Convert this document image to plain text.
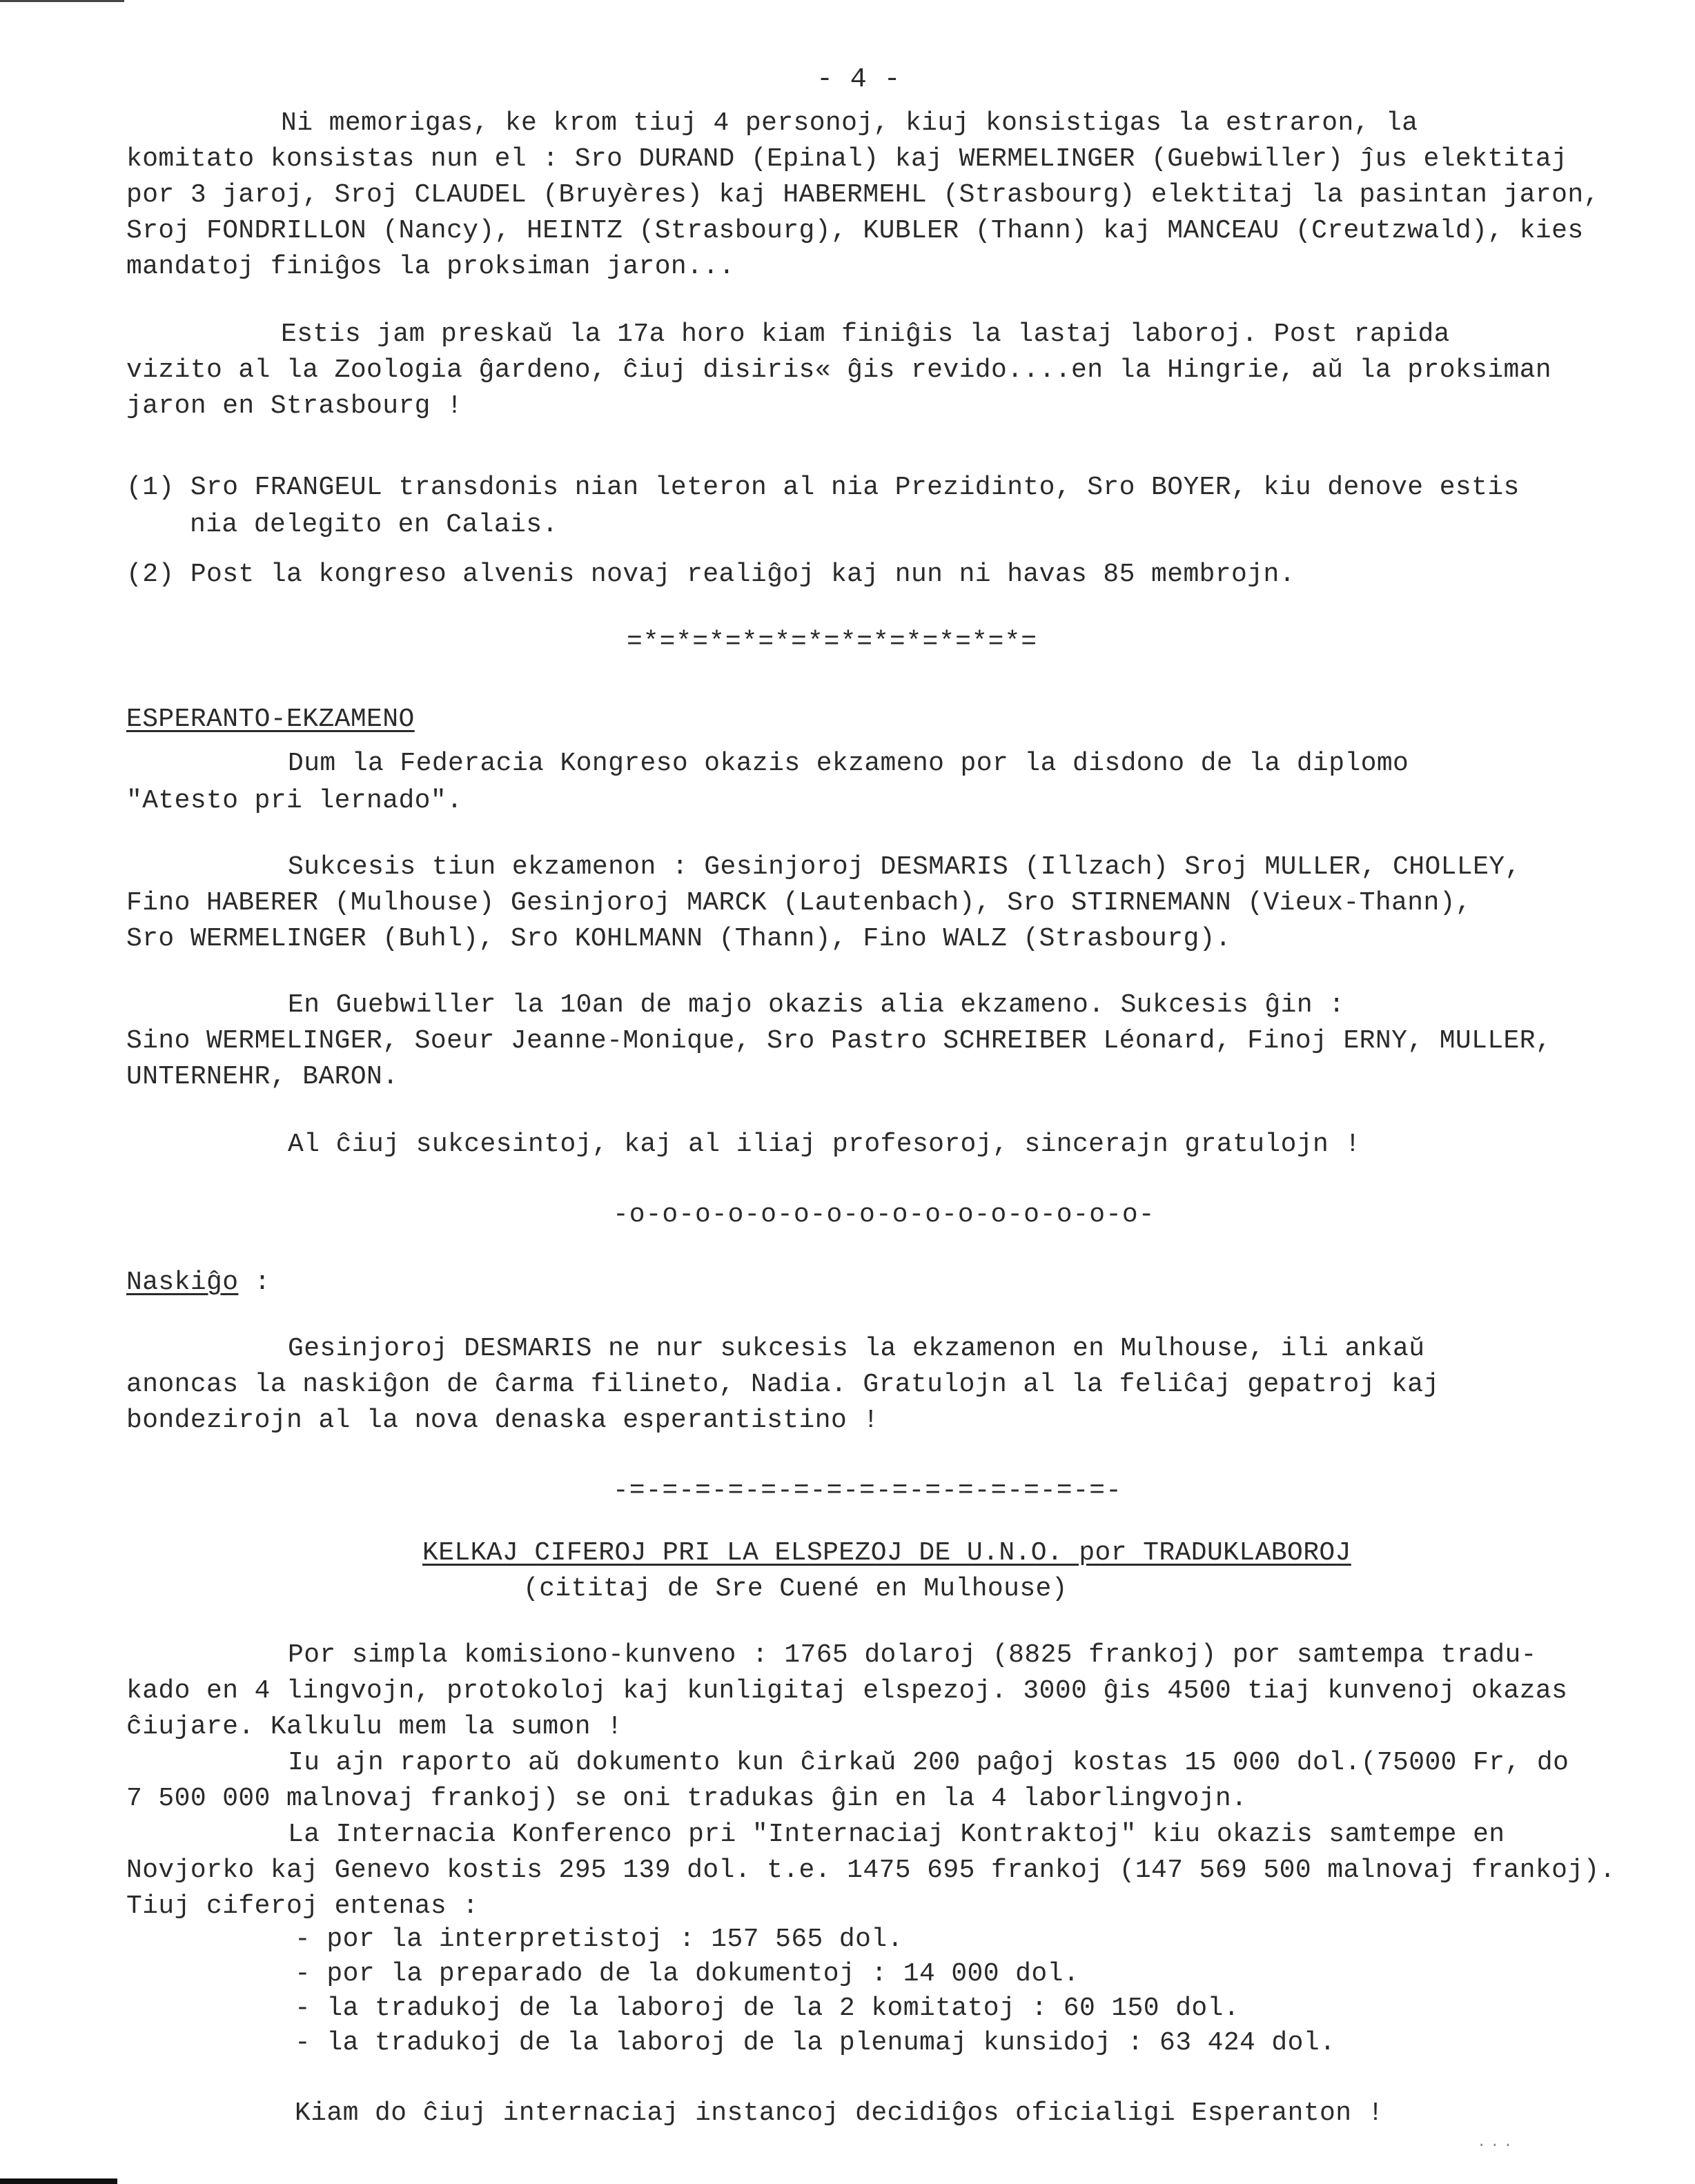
- 4 -
Ni memorigas, ke krom tiuj 4 personoj, kiuj konsistigas la estraron, la
komitato konsistas nun el : Sro DURAND (Epinal) kaj WERMELINGER (Guebwiller) ĵus elektitaj
por 3 jaroj, Sroj CLAUDEL (Bruyères) kaj HABERMEHL (Strasbourg) elektitaj la pasintan jaron,
Sroj FONDRILLON (Nancy), HEINTZ (Strasbourg), KUBLER (Thann) kaj MANCEAU (Creutzwald), kies
mandatoj finiĝos la proksiman jaron...
Estis jam preskaŭ la 17a horo kiam finiĝis la lastaj laboroj. Post rapida
vizito al la Zoologia ĝardeno, ĉiuj disiris« ĝis revido....en la Hingrie, aŭ la proksiman
jaron en Strasbourg !
(1) Sro FRANGEUL transdonis nian leteron al nia Prezidinto, Sro BOYER, kiu denove estis
nia delegito en Calais.
(2) Post la kongreso alvenis novaj realiĝoj kaj nun ni havas 85 membrojn.
=*=*=*=*=*=*=*=*=*=*=*=*=
ESPERANTO-EKZAMENO
Dum la Federacia Kongreso okazis ekzameno por la disdono de la diplomo
"Atesto pri lernado".
Sukcesis tiun ekzamenon : Gesinjoroj DESMARIS (Illzach) Sroj MULLER, CHOLLEY,
Fino HABERER (Mulhouse) Gesinjoroj MARCK (Lautenbach), Sro STIRNEMANN (Vieux-Thann),
Sro WERMELINGER (Buhl), Sro KOHLMANN (Thann), Fino WALZ (Strasbourg).
En Guebwiller la 10an de majo okazis alia ekzameno. Sukcesis ĝin :
Sino WERMELINGER, Soeur Jeanne-Monique, Sro Pastro SCHREIBER Léonard, Finoj ERNY, MULLER,
UNTERNEHR, BARON.
Al ĉiuj sukcesintoj, kaj al iliaj profesoroj, sincerajn gratulojn !
-o-o-o-o-o-o-o-o-o-o-o-o-o-o-o-o-
Naskiĝo :
Gesinjoroj DESMARIS ne nur sukcesis la ekzamenon en Mulhouse, ili ankaŭ
anoncas la naskiĝon de ĉarma filineto, Nadia. Gratulojn al la feliĉaj gepatroj kaj
bondezirojn al la nova denaska esperantistino !
-=-=-=-=-=-=-=-=-=-=-=-=-=-=-=-
KELKAJ CIFEROJ PRI LA ELSPEZOJ DE U.N.O. por TRADUKLABOROJ
(cititaj de Sre Cuené en Mulhouse)
Por simpla komisiono-kunveno : 1765 dolaroj (8825 frankoj) por samtempa tradu-
kado en 4 lingvojn, protokoloj kaj kunligitaj elspezoj. 3000 ĝis 4500 tiaj kunvenoj okazas
ĉiujare. Kalkulu mem la sumon !
Iu ajn raporto aŭ dokumento kun ĉirkaŭ 200 paĝoj kostas 15 000 dol.(75000 Fr, do
7 500 000 malnovaj frankoj) se oni tradukas ĝin en la 4 laborlingvojn.
La Internacia Konferenco pri "Internaciaj Kontraktoj" kiu okazis samtempe en
Novjorko kaj Genevo kostis 295 139 dol. t.e. 1475 695 frankoj (147 569 500 malnovaj frankoj).
Tiuj ciferoj entenas :
- por la interpretistoj : 157 565 dol.
- por la preparado de la dokumentoj : 14 000 dol.
- la tradukoj de la laboroj de la 2 komitatoj : 60 150 dol.
- la tradukoj de la laboroj de la plenumaj kunsidoj : 63 424 dol.
Kiam do ĉiuj internaciaj instancoj decidiĝos oficialigi Esperanton !
...
